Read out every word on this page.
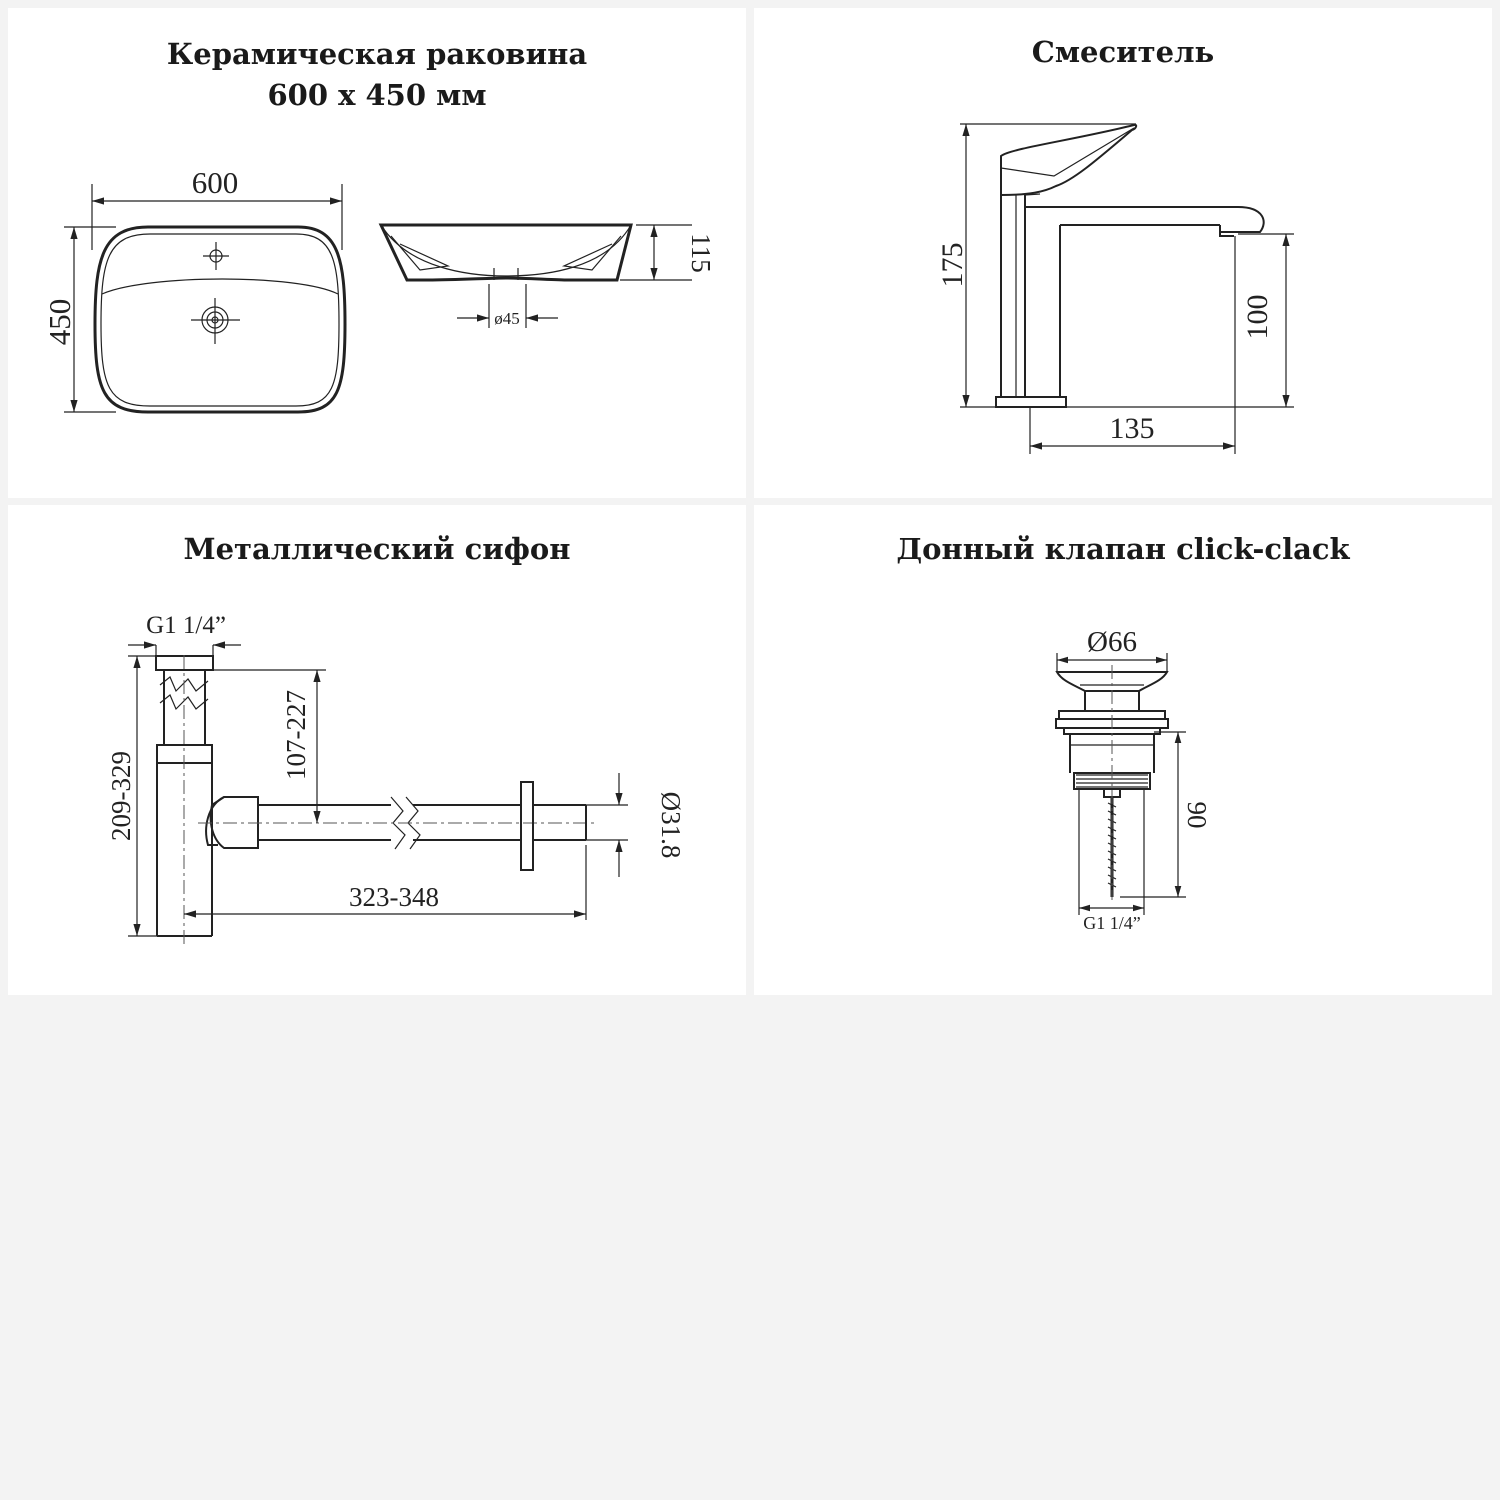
Керамическая раковина
600 х 450 мм
600
450
115
ø45
Смеситель
175
100
135
Металлический сифон
G1 1/4”
209-329
107-227
323-348
Ø31.8
Донный клапан click-clack
Ø66
90
G1 1/4”
